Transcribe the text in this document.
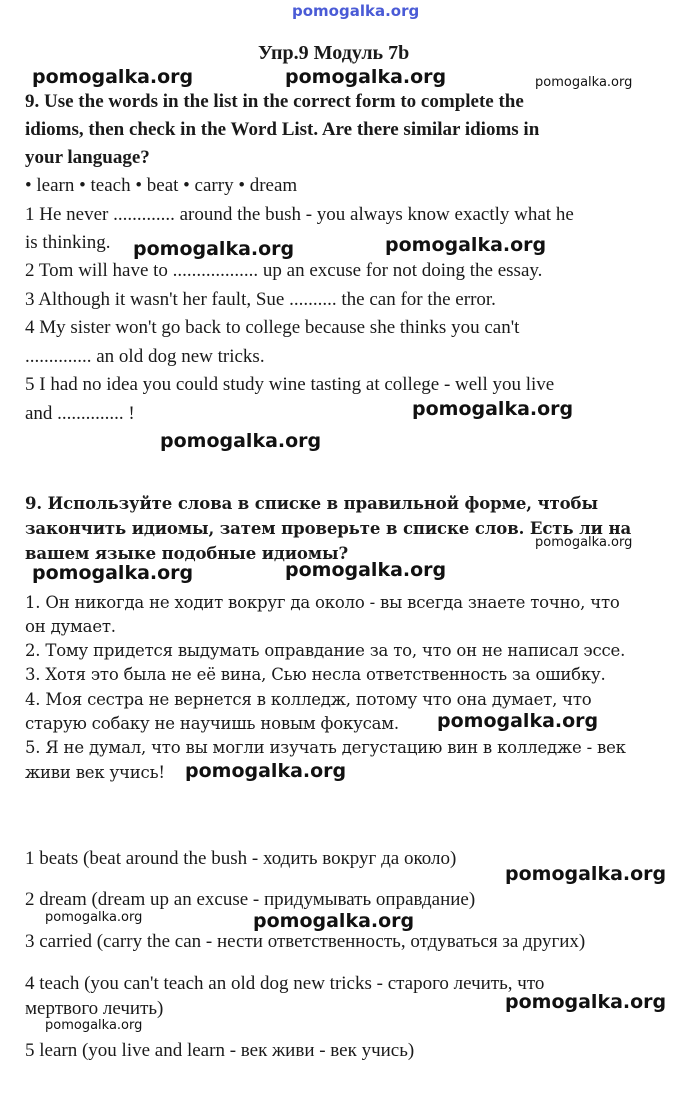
pomogalka.org
Упр.9 Модуль 7b
9. Use the words in the list in the correct form to complete the
idioms, then check in the Word List. Are there similar idioms in
your language?
• learn • teach • beat • carry • dream
1 He never ............. around the bush - you always know exactly what he
is thinking.
2 Tom will have to .................. up an excuse for not doing the essay.
3 Although it wasn't her fault, Sue .......... the can for the error.
4 My sister won't go back to college because she thinks you can't
.............. an old dog new tricks.
5 I had no idea you could study wine tasting at college - well you live
and .............. !
9. Используйте слова в списке в правильной форме, чтобы
закончить идиомы, затем проверьте в списке слов. Есть ли на
вашем языке подобные идиомы?
1. Он никогда не ходит вокруг да около - вы всегда знаете точно, что
он думает.
2. Тому придется выдумать оправдание за то, что он не написал эссе.
3. Хотя это была не её вина, Сью несла ответственность за ошибку.
4. Моя сестра не вернется в колледж, потому что она думает, что
старую собаку не научишь новым фокусам.
5. Я не думал, что вы могли изучать дегустацию вин в колледже - век
живи век учись!
1 beats (beat around the bush - ходить вокруг да около)
2 dream (dream up an excuse - придумывать оправдание)
3 carried (carry the can - нести ответственность, отдуваться за других)
4 teach (you can't teach an old dog new tricks - старого лечить, что
мертвого лечить)
5 learn (you live and learn - век живи - век учись)
pomogalka.org	pomogalka.org	pomogalka.org
pomogalka.org	pomogalka.org
pomogalka.org
pomogalka.org
pomogalka.org
pomogalka.org	pomogalka.org
pomogalka.org
pomogalka.org
pomogalka.org
pomogalka.org	pomogalka.org
pomogalka.org
pomogalka.org
